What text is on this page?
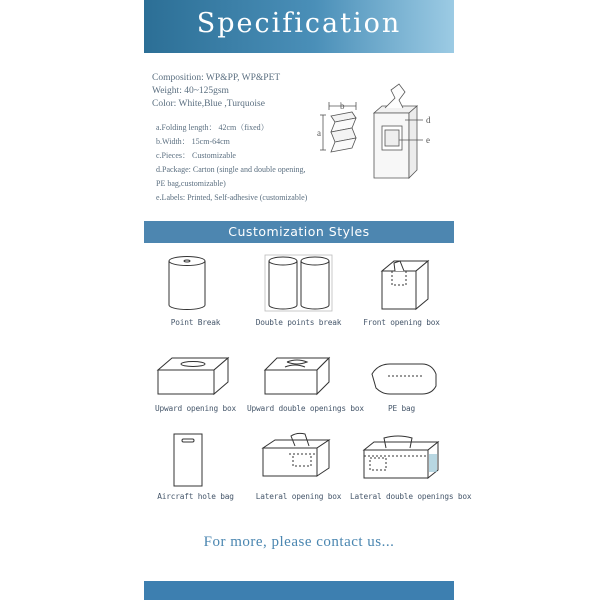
Specification
Composition: WP&PP, WP&PET
Weight: 40~125gsm
Color: White,Blue ,Turquoise
a.Folding length： 42cm（fixed）
b.Width： 15cm-64cm
c.Pieces： Customizable
d.Package: Carton (single and double opening,
PE bag,customizable)
e.Labels: Printed, Self-adhesive (customizable)
b
a
d
e
Customization Styles
Point Break	Double points break	Front opening box
Upward opening box	Upward double openings box	PE bag
Aircraft hole bag	Lateral opening box	Lateral double openings box
For more, please contact us...
